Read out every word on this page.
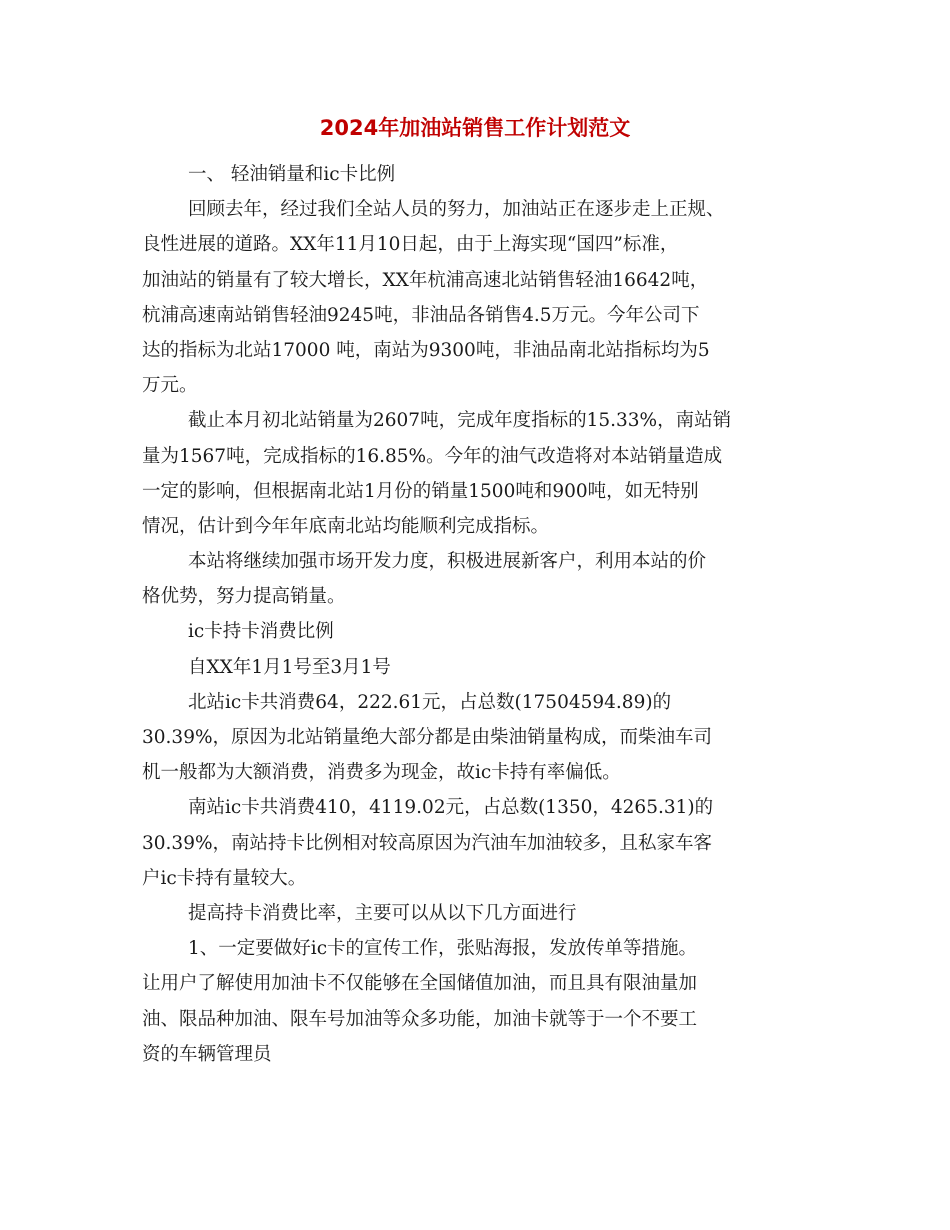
2024年加油站销售工作计划范文

一、 轻油销量和ic卡比例

回顾去年，经过我们全站人员的努力，加油站正在逐步走上正规、

良性进展的道路。XX年11月10日起，由于上海实现“国四”标准，

加油站的销量有了较大增长，XX年杭浦高速北站销售轻油16642吨，

杭浦高速南站销售轻油9245吨，非油品各销售4.5万元。今年公司下

达的指标为北站17000 吨，南站为9300吨，非油品南北站指标均为5

万元。

截止本月初北站销量为2607吨，完成年度指标的15.33%，南站销

量为1567吨，完成指标的16.85%。今年的油气改造将对本站销量造成

一定的影响，但根据南北站1月份的销量1500吨和900吨，如无特别

情况，估计到今年年底南北站均能顺利完成指标。

本站将继续加强市场开发力度，积极进展新客户，利用本站的价

格优势，努力提高销量。

ic卡持卡消费比例

自XX年1月1号至3月1号

北站ic卡共消费64，222.61元，占总数(17504594.89)的

30.39%，原因为北站销量绝大部分都是由柴油销量构成，而柴油车司

机一般都为大额消费，消费多为现金，故ic卡持有率偏低。

南站ic卡共消费410，4119.02元，占总数(1350，4265.31)的

30.39%，南站持卡比例相对较高原因为汽油车加油较多，且私家车客

户ic卡持有量较大。

提高持卡消费比率，主要可以从以下几方面进行

1、一定要做好ic卡的宣传工作，张贴海报，发放传单等措施。

让用户了解使用加油卡不仅能够在全国储值加油，而且具有限油量加

油、限品种加油、限车号加油等众多功能，加油卡就等于一个不要工

资的车辆管理员
